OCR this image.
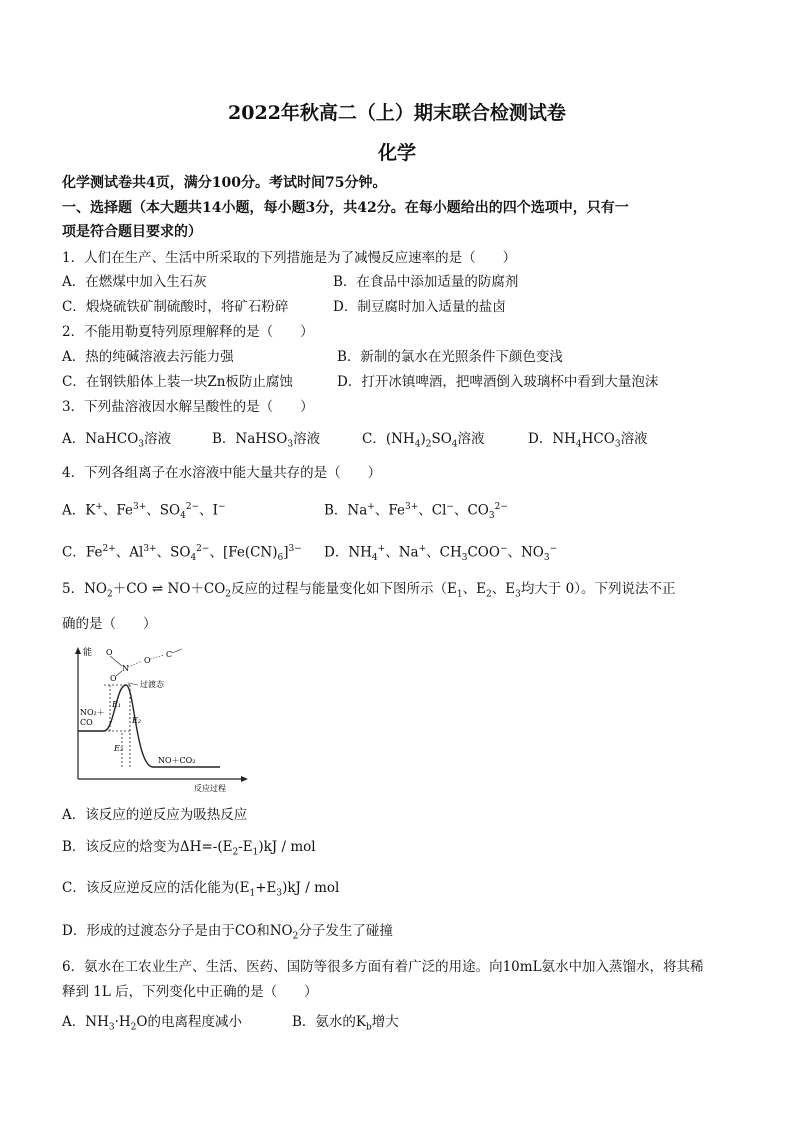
2022年秋高二（上）期末联合检测试卷
化学
化学测试卷共4页，满分100分。考试时间75分钟。
一、选择题（本大题共14小题，每小题3分，共42分。在每小题给出的四个选项中，只有一
项是符合题目要求的）
1．人们在生产、生活中所采取的下列措施是为了减慢反应速率的是（　　）
A．在燃煤中加入生石灰	B．在食品中添加适量的防腐剂
C．煅烧硫铁矿制硫酸时，将矿石粉碎	D．制豆腐时加入适量的盐卤
2．不能用勒夏特列原理解释的是（　　）
A．热的纯碱溶液去污能力强	B．新制的氯水在光照条件下颜色变浅
C．在钢铁船体上装一块Zn板防止腐蚀	D．打开冰镇啤酒，把啤酒倒入玻璃杯中看到大量泡沫
3．下列盐溶液因水解呈酸性的是（　　）
A．NaHCO$_3$溶液	B．NaHSO$_3$溶液	C．$(NH_4)_2SO_4$溶液	D．$NH_4HCO_3$溶液
4．下列各组离子在水溶液中能大量共存的是（　　）
A．K+、$Fe^{3+}$、$SO_4^{2-}$、I−	B．Na+、$Fe^{3+}$、Cl−、$CO_3^{2-}$
C．$Fe^{2+}$、$Al^{3+}$、$SO_4^{2-}$、$[Fe(CN)_6]^{3-}$ D．$NH_4^+$、Na+、$CH_3COO^-$、$NO_3^-$
5．$NO_2+CO$ ⇌ $NO+CO_2$反应的过程与能量变化如下图所示（$E_1$、$E_2$、$E_3$均大于 0）。下列说法不正
确的是（　　）
能
反应过程
E₁
E₃
E₂
NO₂＋
CO
NO＋CO₂
过渡态
O
N
O
O
C
A．该反应的逆反应为吸热反应
B．该反应的焓变为$\Delta H=-(E_2-E_1)kJ$ / mol
C．该反应逆反应的活化能为$(E_1+E_3)kJ$ / mol
D．形成的过渡态分子是由于CO和$NO_2$分子发生了碰撞
6．氨水在工农业生产、生活、医药、国防等很多方面有着广泛的用途。向10mL氨水中加入蒸馏水，将其稀
释到 1L 后，下列变化中正确的是（　　）
A．$NH_3\cdot H_2O$的电离程度减小	B．氨水的$K_b$增大
